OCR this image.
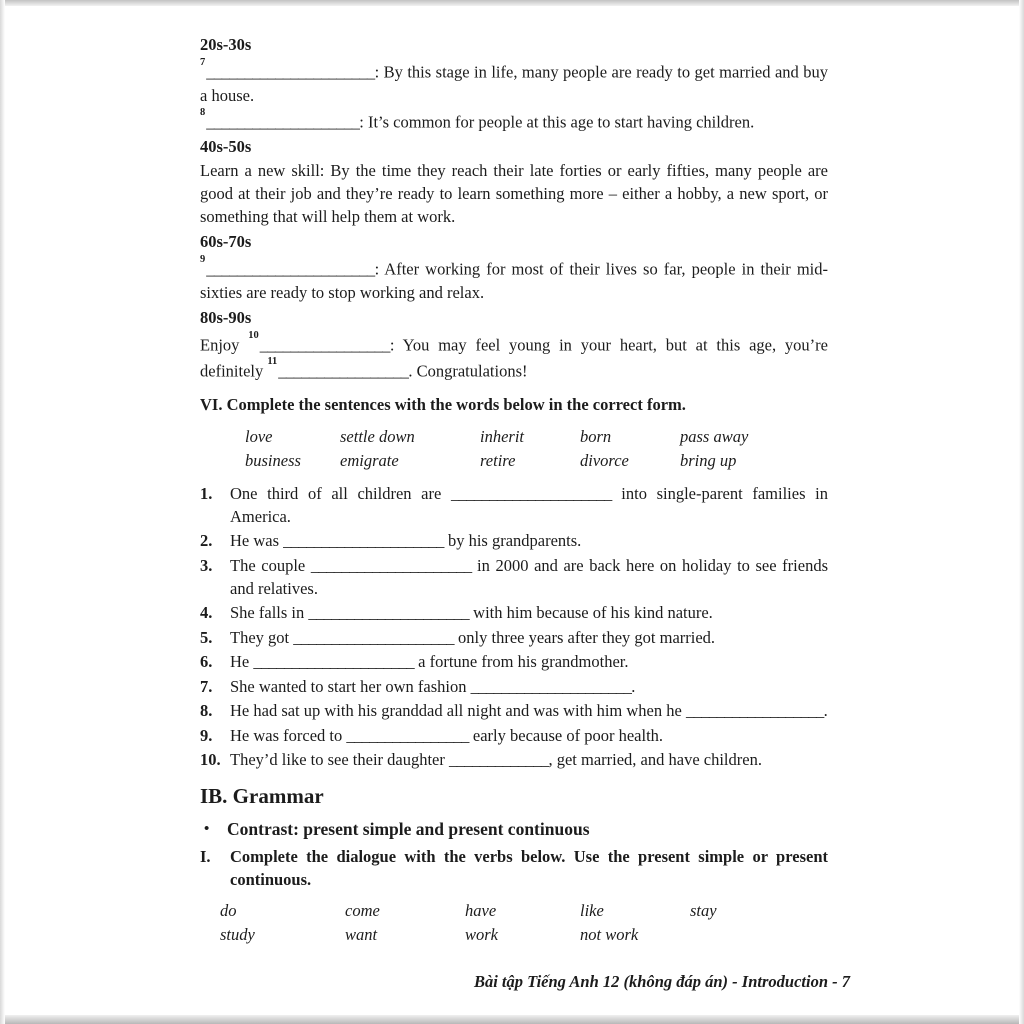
20s-30s

$^7$______________________: By this stage in life, many people are ready to get married and buy a house.

$^8$____________________: It’s common for people at this age to start having children.

40s-50s

Learn a new skill: By the time they reach their late forties or early fifties, many people are good at their job and they’re ready to learn something more – either a hobby, a new sport, or something that will help them at work.

60s-70s

$^9$______________________: After working for most of their lives so far, people in their mid-sixties are ready to stop working and relax.

80s-90s

Enjoy $^{10}$_________________: You may feel young in your heart, but at this age, you’re definitely $^{11}$_________________. Congratulations!

VI. Complete the sentences with the words below in the correct form.
love	settle down	inherit	born	pass away
business	emigrate	retire	divorce	bring up
1.	One third of all children are _____________________ into single-parent families in America.

2.	He was _____________________ by his grandparents.

3.	The couple _____________________ in 2000 and are back here on holiday to see friends and relatives.

4.	She falls in _____________________ with him because of his kind nature.

5.	They got _____________________ only three years after they got married.

6.	He _____________________ a fortune from his grandmother.

7.	She wanted to start her own fashion _____________________.

8.	He had sat up with his granddad all night and was with him when he __________________.

9.	He was forced to ________________ early because of poor health.

10. They’d like to see their daughter _____________, get married, and have children.

IB. Grammar
•	Contrast: present simple and present continuous
I.	Complete the dialogue with the verbs below. Use the present simple or present continuous.

do	come	have	like	stay
study	want	work	not work
Bài tập Tiếng Anh 12 (không đáp án) - Introduction - 7
